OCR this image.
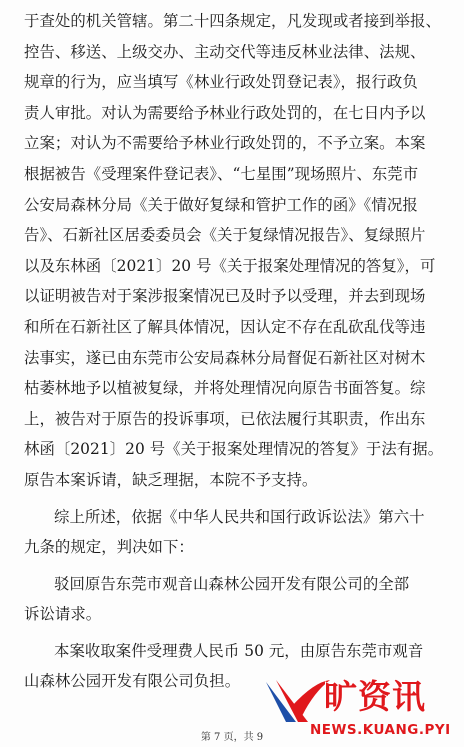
于查处的机关管辖。第二十四条规定，凡发现或者接到举报、
控告、移送、上级交办、主动交代等违反林业法律、法规、
规章的行为，应当填写《林业行政处罚登记表》，报行政负
责人审批。对认为需要给予林业行政处罚的，在七日内予以
立案；对认为不需要给予林业行政处罚的，不予立案。本案
根据被告《受理案件登记表》、“七星围”现场照片、东莞市
公安局森林分局《关于做好复绿和管护工作的函》《情况报
告》、石新社区居委委员会《关于复绿情况报告》、复绿照片
以及东林函〔2021〕20 号《关于报案处理情况的答复》，可
以证明被告对于案涉报案情况已及时予以受理，并去到现场
和所在石新社区了解具体情况，因认定不存在乱砍乱伐等违
法事实，遂已由东莞市公安局森林分局督促石新社区对树木
枯萎林地予以植被复绿，并将处理情况向原告书面答复。综
上，被告对于原告的投诉事项，已依法履行其职责，作出东
林函〔2021〕20 号《关于报案处理情况的答复》于法有据。
原告本案诉请，缺乏理据，本院不予支持。
综上所述，依据《中华人民共和国行政诉讼法》第六十
九条的规定，判决如下：
驳回原告东莞市观音山森林公园开发有限公司的全部
诉讼请求。
本案收取案件受理费人民币 50 元，由原告东莞市观音
山森林公园开发有限公司负担。
第 7 页，共 9
旷资讯
NEWS.KUANG.PYI
